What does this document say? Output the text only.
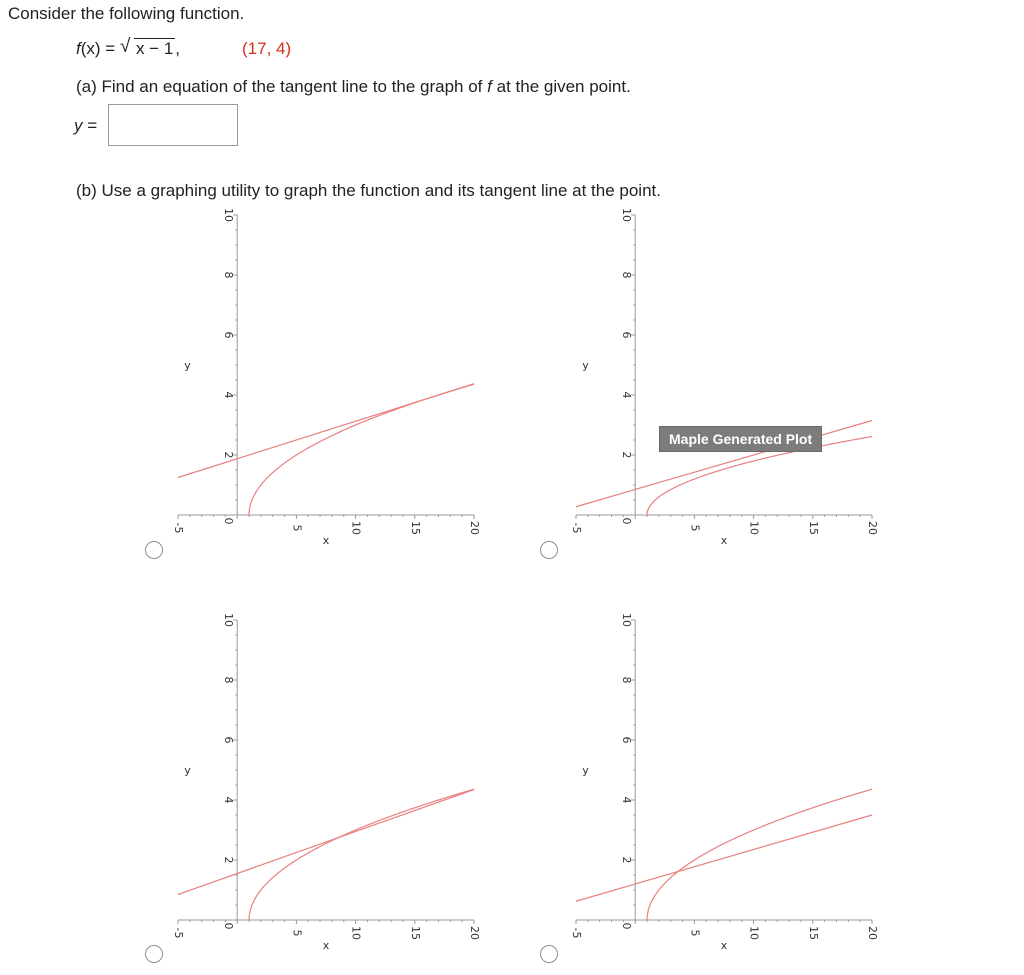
Consider the following function.
f(x) = √ x − 1 ,	(17, 4)
(a) Find an equation of the tangent line to the graph of f at the given point.
y =
(b) Use a graphing utility to graph the function and its tangent line at the point.
2
4
6
8
10
0
-5	5	10	15	20
x
y
2
4
6
8
10
0
-5	5	10	15	20
x
y
2
4
6
8
10
0
-5	5	10	15	20
x
y
2
4
6
8
10
0
-5	5	10	15	20
x
y
Maple Generated Plot
